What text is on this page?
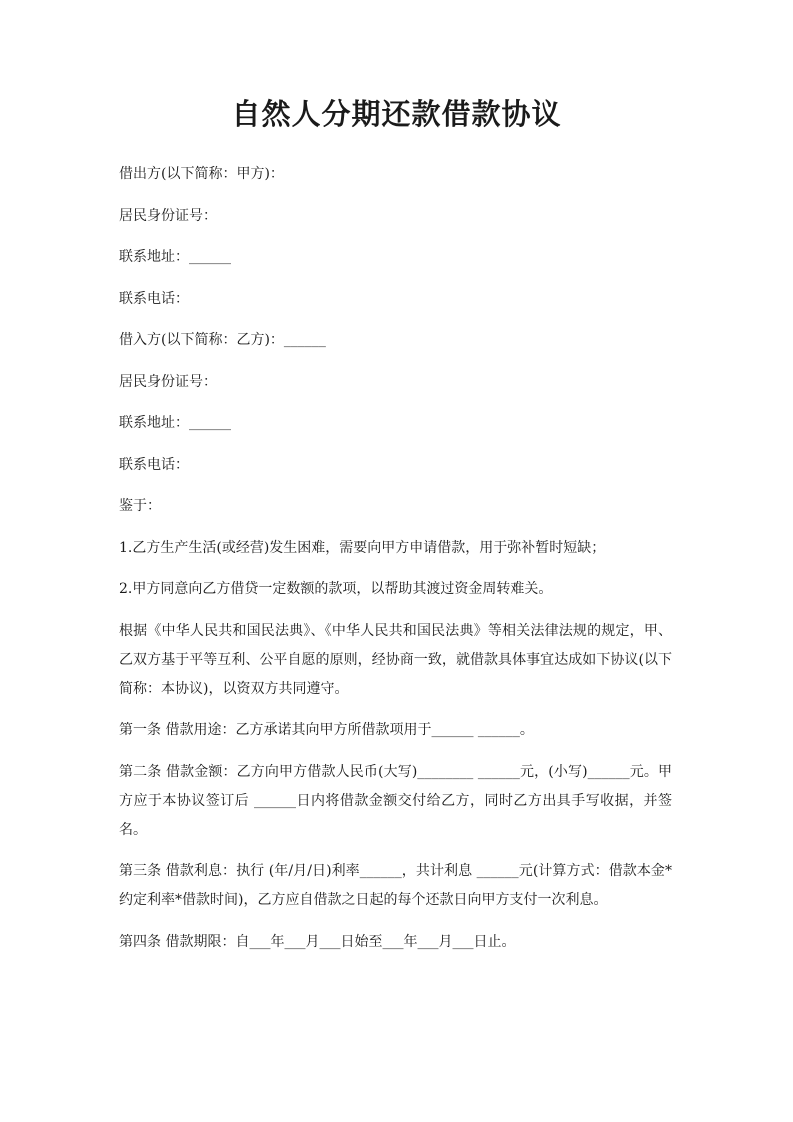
自然人分期还款借款协议

借出方(以下简称：甲方)：

居民身份证号：

联系地址：______

联系电话：

借入方(以下简称：乙方)：______

居民身份证号：

联系地址：______

联系电话：

鉴于：

1.乙方生产生活(或经营)发生困难，需要向甲方申请借款，用于弥补暂时短缺；

2.甲方同意向乙方借贷一定数额的款项，以帮助其渡过资金周转难关。

根据《中华人民共和国民法典》、《中华人民共和国民法典》等相关法律法规的规定，甲、乙双方基于平等互利、公平自愿的原则，经协商一致，就借款具体事宜达成如下协议(以下简称：本协议)，以资双方共同遵守。

第一条 借款用途：乙方承诺其向甲方所借款项用于______ ______。

第二条 借款金额：乙方向甲方借款人民币(大写)________ ______元，(小写)______元。甲方应于本协议签订后 ______日内将借款金额交付给乙方，同时乙方出具手写收据，并签名。

第三条 借款利息：执行 (年/月/日)利率______，共计利息 ______元(计算方式：借款本金*约定利率*借款时间)，乙方应自借款之日起的每个还款日向甲方支付一次利息。

第四条 借款期限：自___年___月___日始至___年___月___日止。
